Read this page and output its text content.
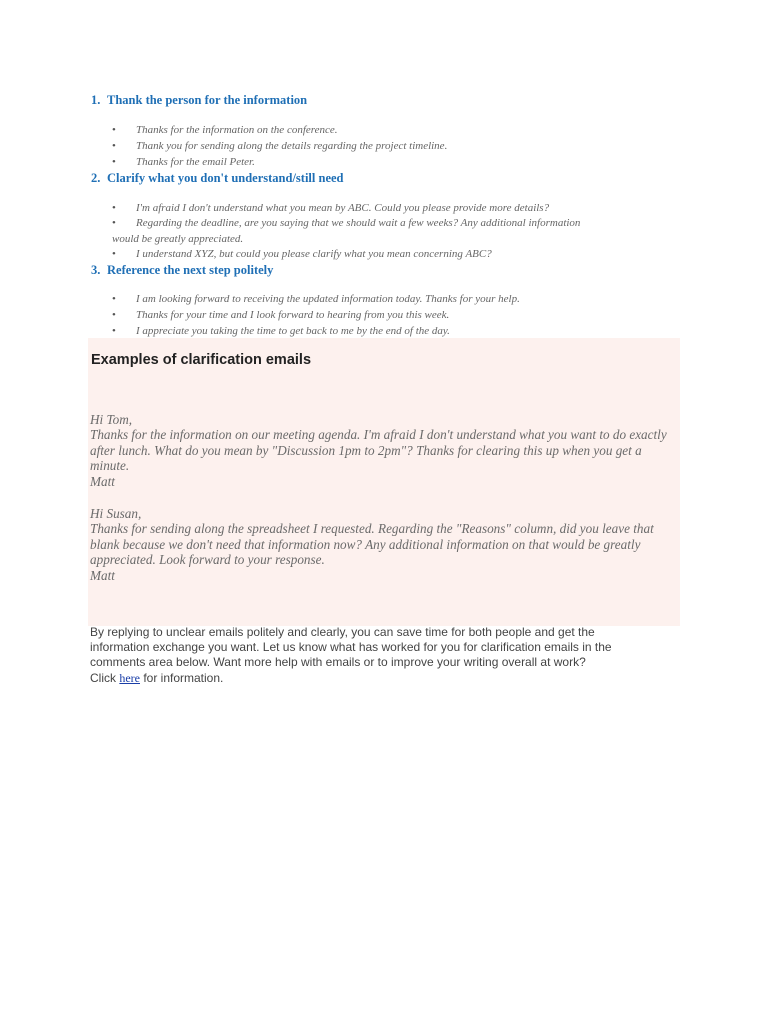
1. Thank the person for the information
• Thanks for the information on the conference.
• Thank you for sending along the details regarding the project timeline.
• Thanks for the email Peter.
2. Clarify what you don't understand/still need
• I'm afraid I don't understand what you mean by ABC. Could you please provide more details?
• Regarding the deadline, are you saying that we should wait a few weeks? Any additional information
would be greatly appreciated.
• I understand XYZ, but could you please clarify what you mean concerning ABC?
3. Reference the next step politely
• I am looking forward to receiving the updated information today. Thanks for your help.
• Thanks for your time and I look forward to hearing from you this week.
• I appreciate you taking the time to get back to me by the end of the day.
Examples of clarification emails
Hi Tom,
Thanks for the information on our meeting agenda. I'm afraid I don't understand what you want to do exactly
after lunch. What do you mean by "Discussion 1pm to 2pm"? Thanks for clearing this up when you get a
minute.
Matt
Hi Susan,
Thanks for sending along the spreadsheet I requested. Regarding the "Reasons" column, did you leave that
blank because we don't need that information now? Any additional information on that would be greatly
appreciated. Look forward to your response.
Matt
By replying to unclear emails politely and clearly, you can save time for both people and get the
information exchange you want. Let us know what has worked for you for clarification emails in the
comments area below. Want more help with emails or to improve your writing overall at work?
Click here for information.
